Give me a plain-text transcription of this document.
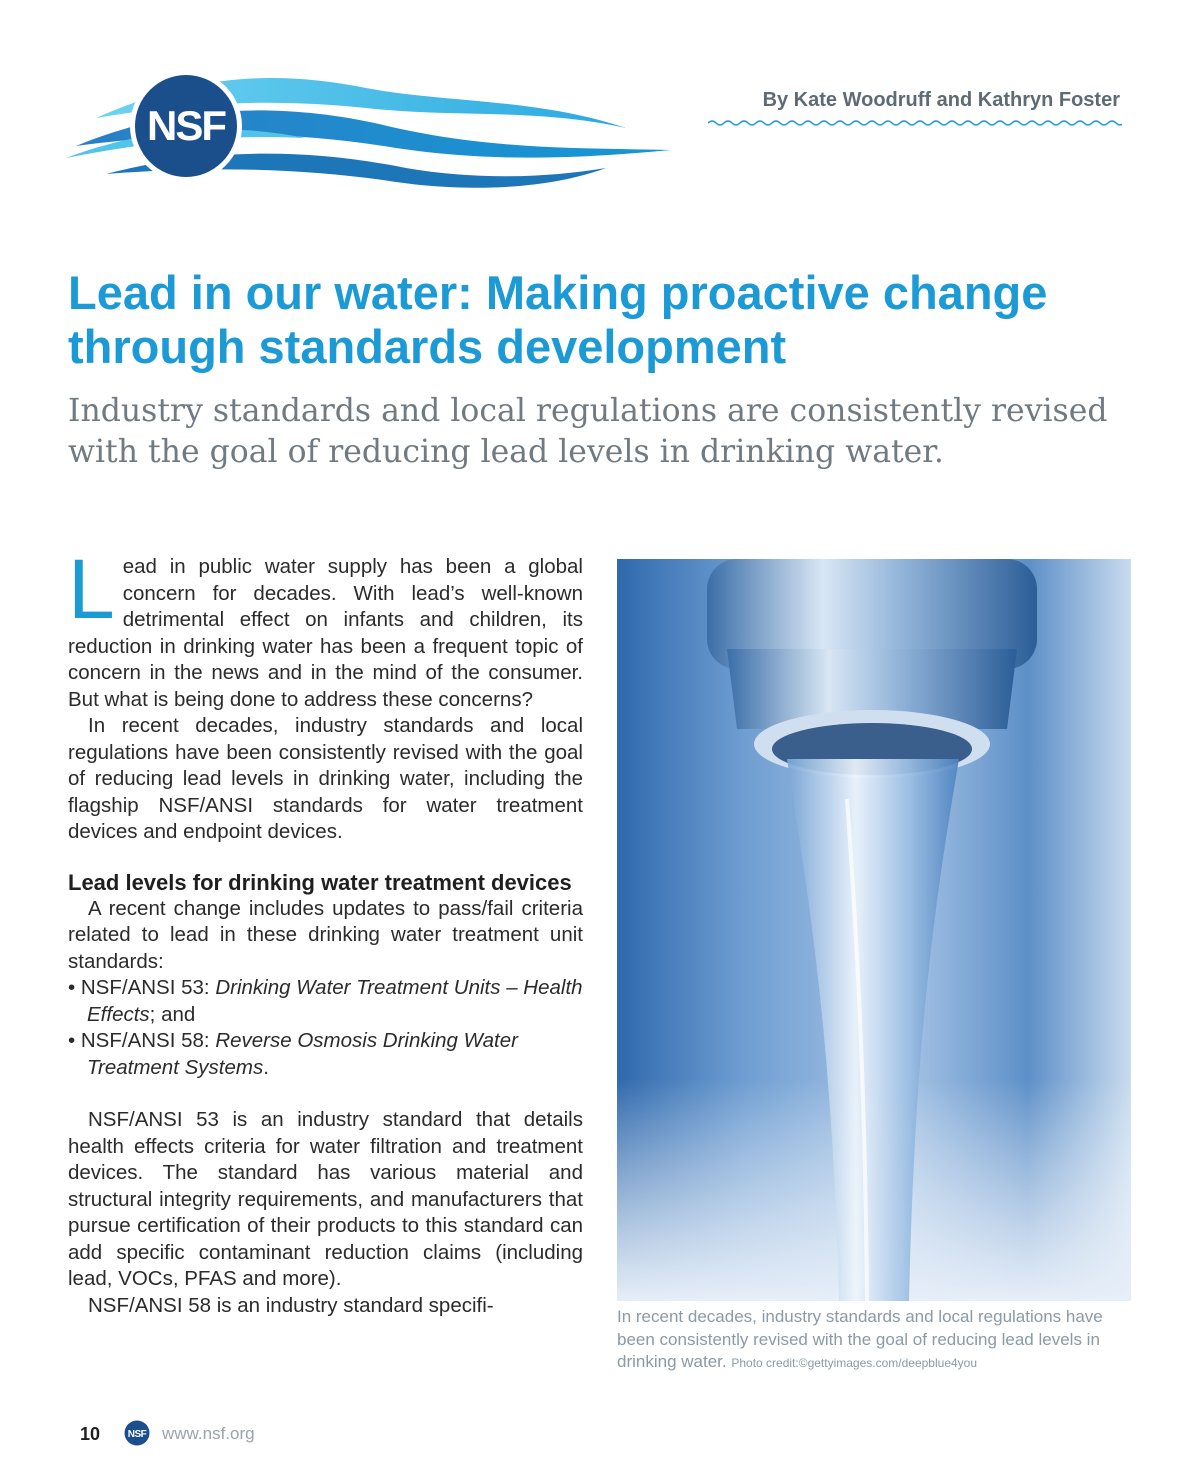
NSF
By Kate Woodruff and Kathryn Foster
Lead in our water: Making proactive change through standards development

Industry standards and local regulations are consistently revised with the goal of reducing lead levels in drinking water.

Lead in public water supply has been a global concern for decades. With lead’s well-known detrimental effect on infants and children, its reduction in drinking water has been a frequent topic of concern in the news and in the mind of the consumer. But what is being done to address these concerns?

In recent decades, industry standards and local regulations have been consistently revised with the goal of reducing lead levels in drinking water, including the flagship NSF/ANSI standards for water treatment devices and endpoint devices.

Lead levels for drinking water treatment devices

A recent change includes updates to pass/fail criteria related to lead in these drinking water treatment unit standards:

• NSF/ANSI 53: Drinking Water Treatment Units – Health Effects; and
• NSF/ANSI 58: Reverse Osmosis Drinking Water Treatment Systems.

NSF/ANSI 53 is an industry standard that details health effects criteria for water filtration and treatment devices. The standard has various material and structural integrity requirements, and manufacturers that pursue certification of their products to this standard can add specific contaminant reduction claims (including lead, VOCs, PFAS and more).

NSF/ANSI 58 is an industry standard specifi-	In recent decades, industry standards and local regulations have been consistently revised with the goal of reducing lead levels in drinking water. Photo credit:©gettyimages.com/deepblue4you
10	NSF www.nsf.org
